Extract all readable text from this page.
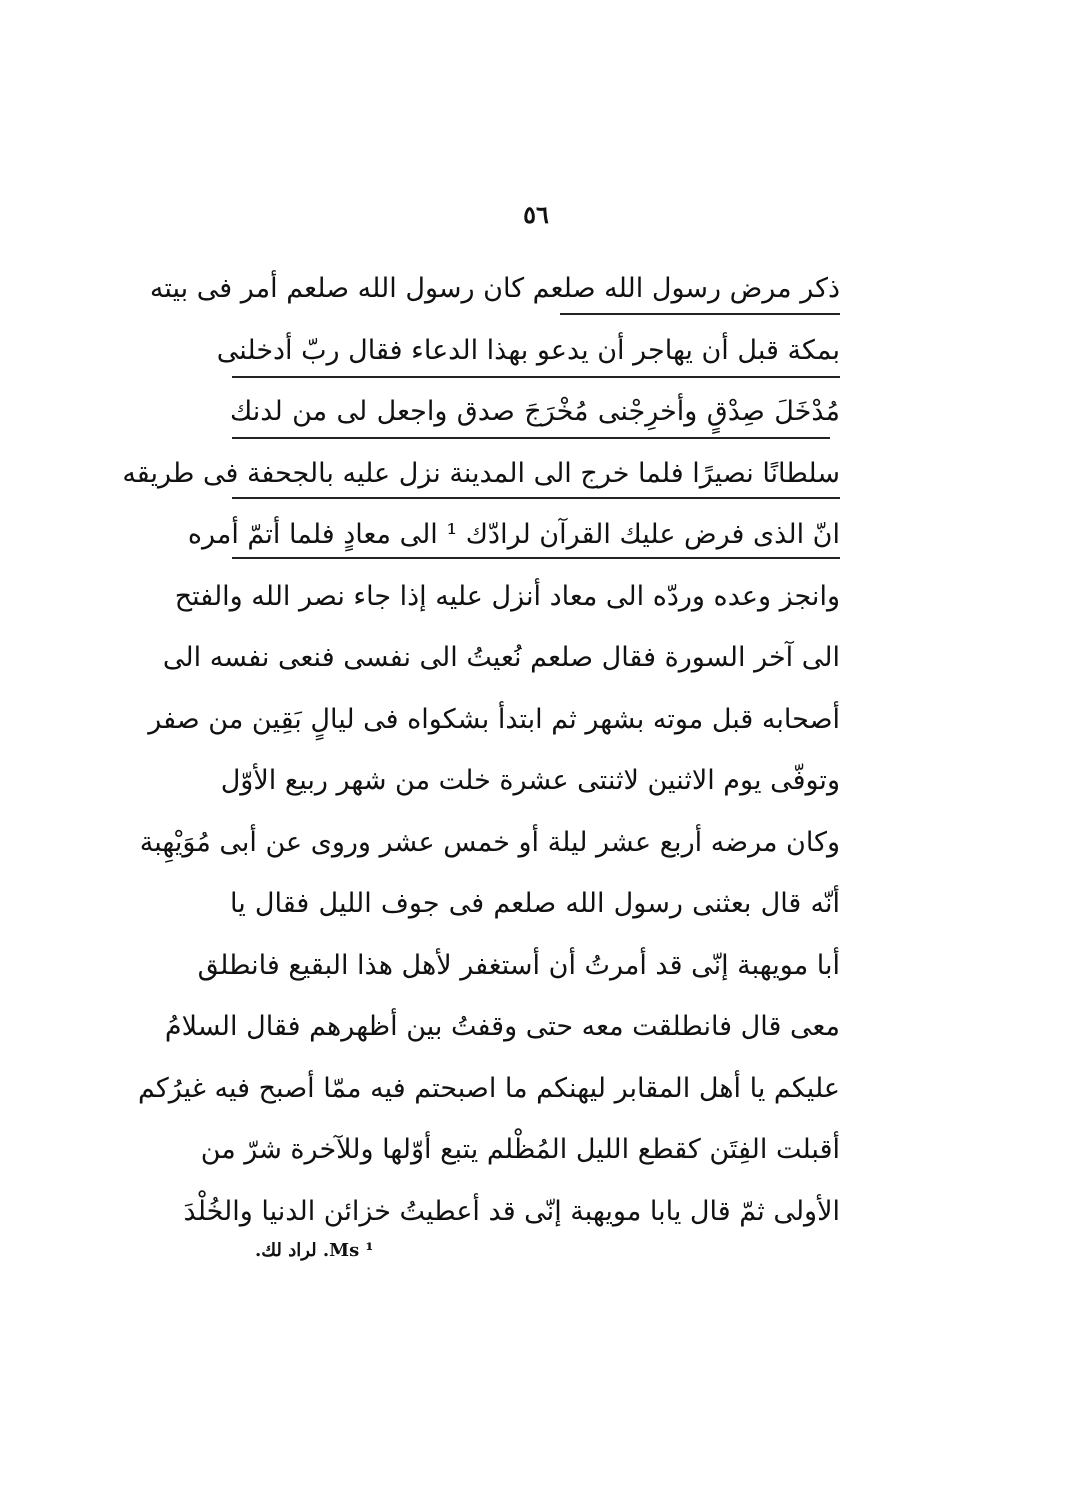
٥٦
ذكر مرض رسول الله صلعم كان رسول الله صلعم أمر فى بيته
بمكة قبل أن يهاجر أن يدعو بهذا الدعاء فقال ربّ أدخلنى
مُدْخَلَ صِدْقٍ وأخرِجْنى مُخْرَجَ صدق واجعل لى من لدنك
سلطانًا نصيرًا فلما خرج الى المدينة نزل عليه بالجحفة فى طريقه
انّ الذى فرض عليك القرآن لرادّك ¹ الى معادٍ فلما أتمّ أمره
وانجز وعده وردّه الى معاد أنزل عليه إذا جاء نصر الله والفتح
الى آخر السورة فقال صلعم نُعيتُ الى نفسى فنعى نفسه الى
أصحابه قبل موته بشهر ثم ابتدأ بشكواه فى ليالٍ بَقِين من صفر
وتوفّى يوم الاثنين لاثنتى عشرة خلت من شهر ربيع الأوّل
وكان مرضه أربع عشر ليلة أو خمس عشر وروى عن أبى مُوَيْهِبة
أنّه قال بعثنى رسول الله صلعم فى جوف الليل فقال يا
أبا مويهبة إنّى قد أمرتُ أن أستغفر لأهل هذا البقيع فانطلق
معى قال فانطلقت معه حتى وقفتُ بين أظهرهم فقال السلامُ
عليكم يا أهل المقابر ليهنكم ما اصبحتم فيه ممّا أصبح فيه غيرُكم
أقبلت الفِتَن كقطع الليل المُظْلم يتبع أوّلها وللآخرة شرّ من
الأولى ثمّ قال يابا مويهبة إنّى قد أعطيتُ خزائن الدنيا والخُلْدَ
¹ Ms. لراد لك.
